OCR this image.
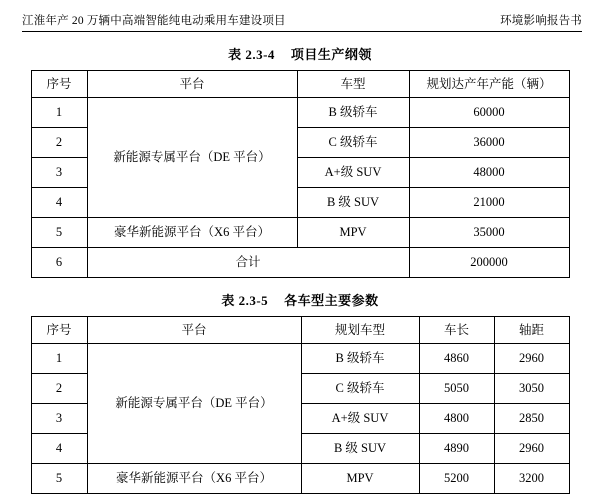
江淮年产 20 万辆中高端智能纯电动乘用车建设项目	环境影响报告书
表 2.3-4 项目生产纲领
序号	平台	车型	规划达产年产能（辆）
1	新能源专属平台（DE 平台）	B 级轿车	60000
2		C 级轿车	36000
3		A+级 SUV	48000
4		B 级 SUV	21000
5	豪华新能源平台（X6 平台）	MPV	35000
6	合计		200000
表 2.3-5 各车型主要参数
序号	平台	规划车型	车长	轴距
1	新能源专属平台（DE 平台）	B 级轿车	4860	2960
2		C 级轿车	5050	3050
3		A+级 SUV	4800	2850
4		B 级 SUV	4890	2960
5	豪华新能源平台（X6 平台）	MPV	5200	3200
